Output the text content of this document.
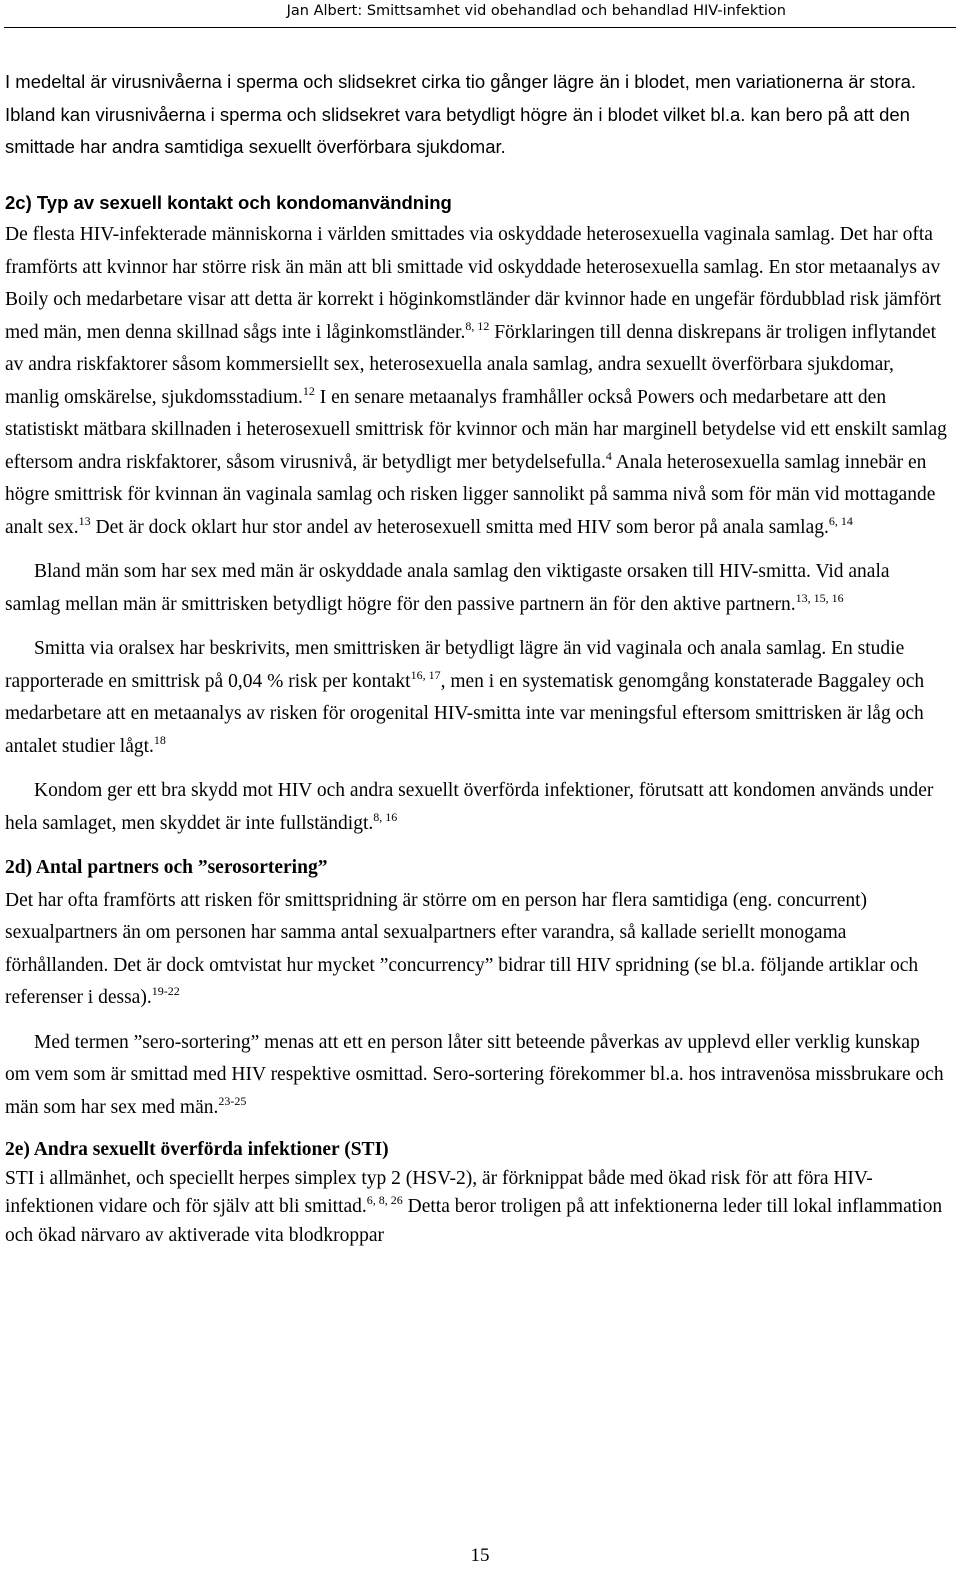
Jan Albert: Smittsamhet vid obehandlad och behandlad HIV-infektion

I medeltal är virusnivåerna i sperma och slidsekret cirka tio gånger lägre än i blodet, men variationerna är stora. Ibland kan virusnivåerna i sperma och slidsekret vara betydligt högre än i blodet vilket bl.a. kan bero på att den smittade har andra samtidiga sexuellt överförbara sjukdomar.

2c) Typ av sexuell kontakt och kondomanvändning

De flesta HIV-infekterade människorna i världen smittades via oskyddade heterosexuella vaginala samlag. Det har ofta framförts att kvinnor har större risk än män att bli smittade vid oskyddade heterosexuella samlag. En stor metaanalys av Boily och medarbetare visar att detta är korrekt i höginkomstländer där kvinnor hade en ungefär fördubblad risk jämfört med män, men denna skillnad sågs inte i låginkomstländer.$^{8, 12}$ Förklaringen till denna diskrepans är troligen inflytandet av andra riskfaktorer såsom kommersiellt sex, heterosexuella anala samlag, andra sexuellt överförbara sjukdomar, manlig omskärelse, sjukdomsstadium.$^{12}$ I en senare metaanalys framhåller också Powers och medarbetare att den statistiskt mätbara skillnaden i heterosexuell smittrisk för kvinnor och män har marginell betydelse vid ett enskilt samlag eftersom andra riskfaktorer, såsom virusnivå, är betydligt mer betydelsefulla.$^4$ Anala heterosexuella samlag innebär en högre smittrisk för kvinnan än vaginala samlag och risken ligger sannolikt på samma nivå som för män vid mottagande analt sex.$^{13}$ Det är dock oklart hur stor andel av heterosexuell smitta med HIV som beror på anala samlag.$^{6, 14}$

Bland män som har sex med män är oskyddade anala samlag den viktigaste orsaken till HIV-smitta. Vid anala samlag mellan män är smittrisken betydligt högre för den passive partnern än för den aktive partnern.$^{13, 15, 16}$

Smitta via oralsex har beskrivits, men smittrisken är betydligt lägre än vid vaginala och anala samlag. En studie rapporterade en smittrisk på 0,04 % risk per kontakt$^{16, 17}$, men i en systematisk genomgång konstaterade Baggaley och medarbetare att en metaanalys av risken för orogenital HIV-smitta inte var meningsful eftersom smittrisken är låg och antalet studier lågt.$^{18}$

Kondom ger ett bra skydd mot HIV och andra sexuellt överförda infektioner, förutsatt att kondomen används under hela samlaget, men skyddet är inte fullständigt.$^{8, 16}$

2d) Antal partners och ”serosortering”

Det har ofta framförts att risken för smittspridning är större om en person har flera samtidiga (eng. concurrent) sexualpartners än om personen har samma antal sexualpartners efter varandra, så kallade seriellt monogama förhållanden. Det är dock omtvistat hur mycket ”concurrency” bidrar till HIV spridning (se bl.a. följande artiklar och referenser i dessa).$^{19-22}$

Med termen ”sero-sortering” menas att ett en person låter sitt beteende påverkas av upplevd eller verklig kunskap om vem som är smittad med HIV respektive osmittad. Sero-sortering förekommer bl.a. hos intravenösa missbrukare och män som har sex med män.$^{23-25}$

2e) Andra sexuellt överförda infektioner (STI)

STI i allmänhet, och speciellt herpes simplex typ 2 (HSV-2), är förknippat både med ökad risk för att föra HIV-infektionen vidare och för själv att bli smittad.$^{6, 8, 26}$ Detta beror troligen på att infektionerna leder till lokal inflammation och ökad närvaro av aktiverade vita blodkroppar

15
